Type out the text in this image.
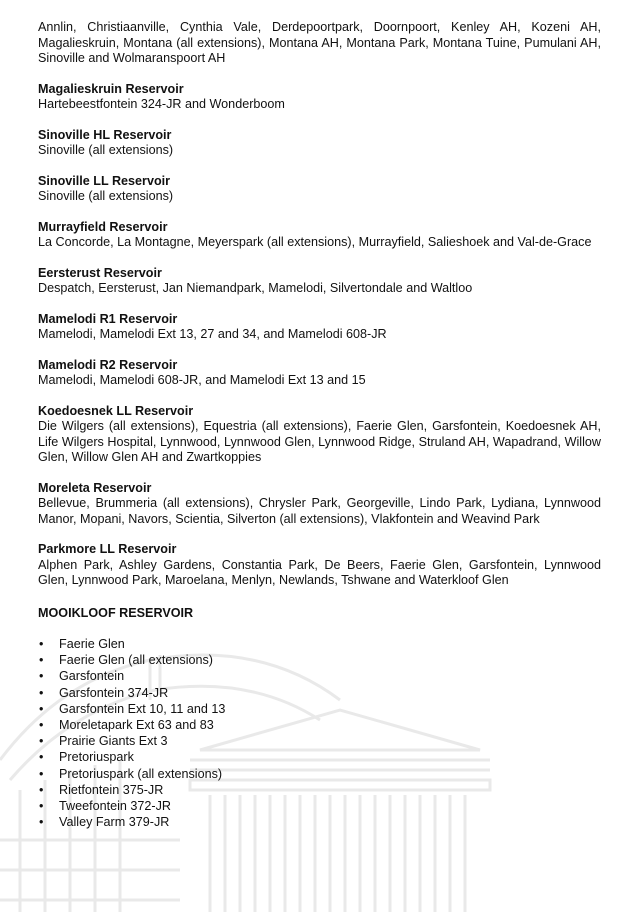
Annlin, Christiaanville, Cynthia Vale, Derdepoortpark, Doornpoort, Kenley AH, Kozeni AH, Magalieskruin, Montana (all extensions), Montana AH, Montana Park, Montana Tuine, Pumulani AH, Sinoville and Wolmaranspoort AH

Magalieskruin Reservoir

Hartebeestfontein 324-JR and Wonderboom

Sinoville HL Reservoir

Sinoville (all extensions)

Sinoville LL Reservoir

Sinoville (all extensions)

Murrayfield Reservoir

La Concorde, La Montagne, Meyerspark (all extensions), Murrayfield, Salieshoek and Val-de-Grace

Eersterust Reservoir

Despatch, Eersterust, Jan Niemandpark, Mamelodi, Silvertondale and Waltloo

Mamelodi R1 Reservoir

Mamelodi, Mamelodi Ext 13, 27 and 34, and Mamelodi 608-JR

Mamelodi R2 Reservoir

Mamelodi, Mamelodi 608-JR, and Mamelodi Ext 13 and 15

Koedoesnek LL Reservoir

Die Wilgers (all extensions), Equestria (all extensions), Faerie Glen, Garsfontein, Koedoesnek AH, Life Wilgers Hospital, Lynnwood, Lynnwood Glen, Lynnwood Ridge, Struland AH, Wapadrand, Willow Glen, Willow Glen AH and Zwartkoppies

Moreleta Reservoir

Bellevue, Brummeria (all extensions), Chrysler Park, Georgeville, Lindo Park, Lydiana, Lynnwood Manor, Mopani, Navors, Scientia, Silverton (all extensions), Vlakfontein and Weavind Park

Parkmore LL Reservoir

Alphen Park, Ashley Gardens, Constantia Park, De Beers, Faerie Glen, Garsfontein, Lynnwood Glen, Lynnwood Park, Maroelana, Menlyn, Newlands, Tshwane and Waterkloof Glen

MOOIKLOOF RESERVOIR

• Faerie Glen
• Faerie Glen (all extensions)
• Garsfontein
• Garsfontein 374-JR
• Garsfontein Ext 10, 11 and 13
• Moreletapark Ext 63 and 83
• Prairie Giants Ext 3
• Pretoriuspark
• Pretoriuspark (all extensions)
• Rietfontein 375-JR
• Tweefontein 372-JR
• Valley Farm 379-JR
